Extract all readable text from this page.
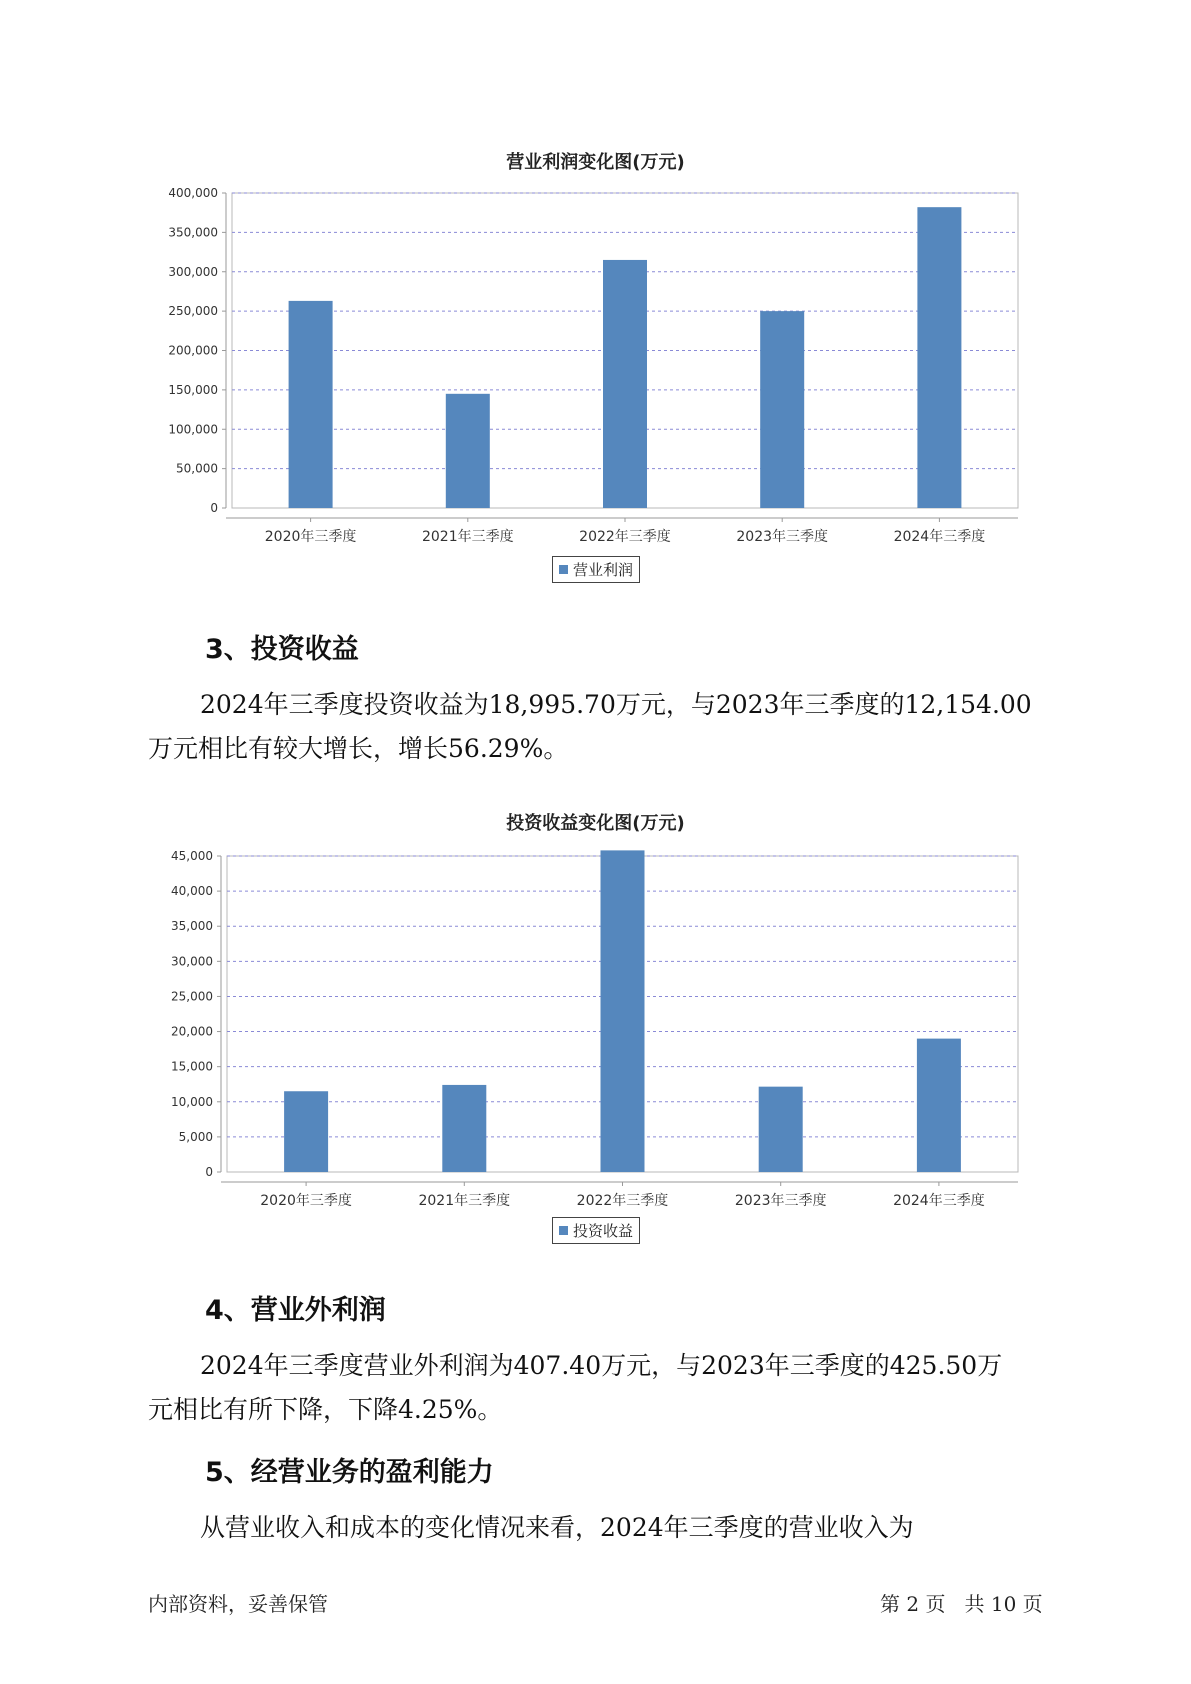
营业利润变化图(万元)
0
50,000
100,000
150,000
200,000
250,000
300,000
350,000
400,000
2020年三季度	2021年三季度	2022年三季度	2023年三季度	2024年三季度
营业利润
3、投资收益
2024年三季度投资收益为18,995.70万元，与2023年三季度的12,154.00
万元相比有较大增长，增长56.29%。
投资收益变化图(万元)
0
5,000
10,000
15,000
20,000
25,000
30,000
35,000
40,000
45,000
2020年三季度	2021年三季度	2022年三季度	2023年三季度	2024年三季度
投资收益
4、营业外利润
2024年三季度营业外利润为407.40万元，与2023年三季度的425.50万
元相比有所下降，下降4.25%。
5、经营业务的盈利能力
从营业收入和成本的变化情况来看，2024年三季度的营业收入为
内部资料，妥善保管	第 2 页   共 10 页
